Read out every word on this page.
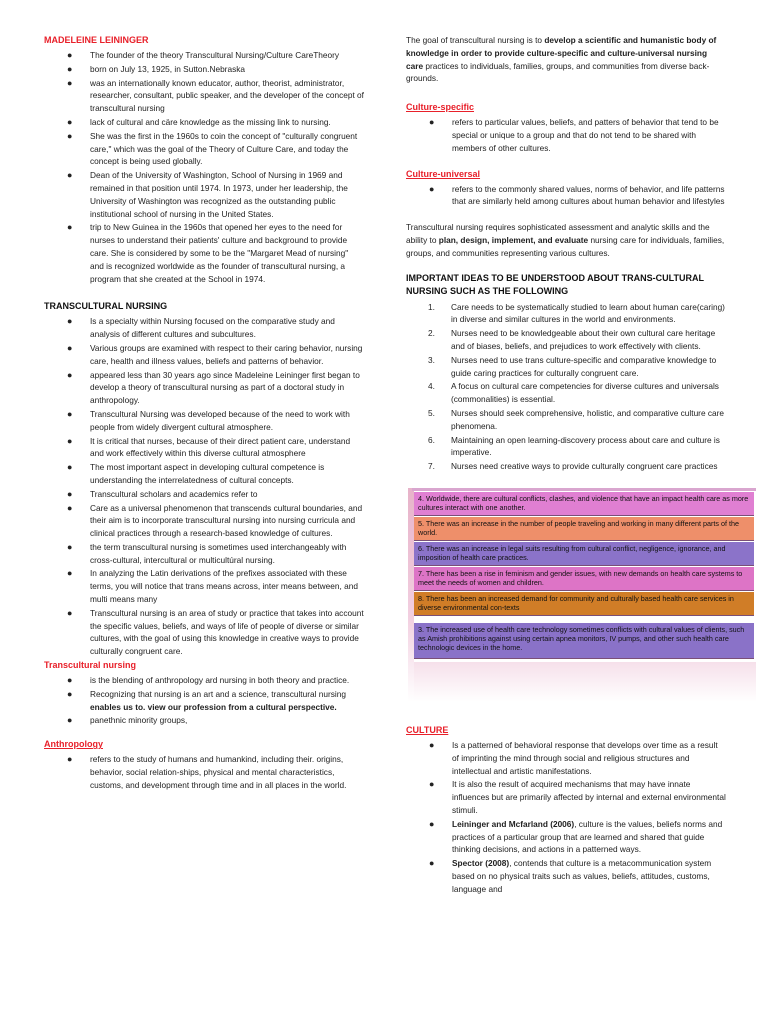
MADELEINE LEININGER
● The founder of the theory Transcultural Nursing/Culture CareTheory
● born on July 13, 1925, in Sutton.Nebraska
● was an internationally known educator, author, theorist, administrator, researcher, consultant, public speaker, and the developer of the concept of transcultural nursing
● lack of cultural and cäre knowledge as the missing link to nursing.
● She was the first in the 1960s to coin the concept of "culturally congruent care," which was the goal of the Theory of Culture Care, and today the concept is being used globally.
● Dean of the University of Washington, School of Nursing in 1969 and remained in that position until 1974. In 1973, under her leadership, the University of Washington was recognized as the outstanding public institutional school of nursing in the United States.
● trip to New Guinea in the 1960s that opened her eyes to the need for nurses to understand their patients' culture and background to provide care. She is considered by some to be the "Margaret Mead of nursing" and is recognized worldwide as the founder of transcultural nursing, a program that she created at the School in 1974.
TRANSCULTURAL NURSING
● Is a specialty within Nursing focused on the comparative study and analysis of different cultures and subcultures.
● Various groups are examined with respect to their caring behavior, nursing care, health and illness values, beliefs and patterns of behavior.
● appeared less than 30 years ago since Madeleine Leininger first began to develop a theory of transcultural nursing as part of a doctoral study in anthropology.
● Transcultural Nursing was developed because of the need to work with people from widely divergent cultural atmosphere.
● It is critical that nurses, because of their direct patient care, understand and work effectively within this diverse cultural atmosphere
● The most important aspect in developing cultural competence is understanding the interrelatedness of cultural concepts.
● Transcultural scholars and academics refer to
● Care as a universal phenomenon that transcends cultural boundaries, and their aim is to incorporate transcultural nursing into nursing curricula and clinical practices through a research-based knowledge of cultures.
● the term transcultural nursing is sometimes used interchangeably with cross-cultural, intercultural or multicultúral nursing.
● In analyzing the Latin derivations of the prefixes associated with these terms, you will notice that trans means across, inter means between, and multi means many
● Transcultural nursing is an area of study or practice that takes into account the specific values, beliefs, and ways of life of people of diverse or similar cultures, with the goal of using this knowledge in creative ways to provide culturally congruent care.
Transcultural nursing
● is the blending of anthropology ard nursing in both theory and practice.
● Recognizing that nursing is an art and a science, transcultural nursing enables us to. view our profession from a cultural perspective.
● panethnic minority groups,
Anthropology
● refers to the study of humans and humankind, including their. origins, behavior, social relation-ships, physical and mental characteristics, customs, and development through time and in all places in the world.

The goal of transcultural nursing is to develop a scientific and humanistic body of knowledge in order to provide culture-specific and culture-universal nursing care practices to individuals, families, groups, and communities from diverse back-grounds.

Culture-specific
● refers to particular values, beliefs, and patters of behavior that tend to be special or unique to a group and that do not tend to be shared with members of other cultures.
Culture-universal
● refers to the commonly shared values, norms of behavior, and life patterns that are similarly held among cultures about human behavior and lifestyles

Transcultural nursing requires sophisticated assessment and analytic skills and the ability to plan, design, implement, and evaluate nursing care for individuals, families, groups, and communities representing various cultures.

IMPORTANT IDEAS TO BE UNDERSTOOD ABOUT TRANS-CULTURAL NURSING SUCH AS THE FOLLOWING
1. Care needs to be systematically studied to learn about human care(caring) in diverse and similar cultures in the world and environments.
2. Nurses need to be knowledgeable about their own cultural care heritage and of biases, beliefs, and prejudices to work effectively with clients.
3. Nurses need to use trans culture-specific and comparative knowledge to guide caring practices for culturally congruent care.
4. A focus on cultural care competencies for diverse cultures and universals (commonalities) is essential.
5. Nurses should seek comprehensive, holistic, and comparative culture care phenomena.
6. Maintaining an open learning-discovery process about care and culture is imperative.
7. Nurses need creative ways to provide culturally congruent care practices
4. Worldwide, there are cultural conflicts, clashes, and violence that have an impact health care as more cultures interact with one another.
5. There was an increase in the number of people traveling and working in many different parts of the world.
6. There was an increase in legal suits resulting from cultural conflict, negligence, ignorance, and imposition of health care practices.
7. There has been a rise in feminism and gender issues, with new demands on health care systems to meet the needs of women and children.
8. There has been an increased demand for community and culturally based health care services in diverse environmental con-texts
3. The increased use of health care technology sometimes conflicts with cultural values of clients, such as Amish prohibitions against using certain apnea monitors, IV pumps, and other such health care technologic devices in the home.
CULTURE
● Is a patterned of behavioral response that develops over time as a result of imprinting the mind through social and religious structures and intellectual and artistic manifestations.
● It is also the result of acquired mechanisms that may have innate influences but are primarily affected by internal and external environmental stimuli.
● Leininger and Mcfarland (2006), culture is the values, beliefs norms and practices of a particular group that are learned and shared that guide thinking decisions, and actions in a patterned ways.
● Spector (2008), contends that culture is a metacommunication system based on no physical traits such as values, beliefs, attitudes, customs, language and
